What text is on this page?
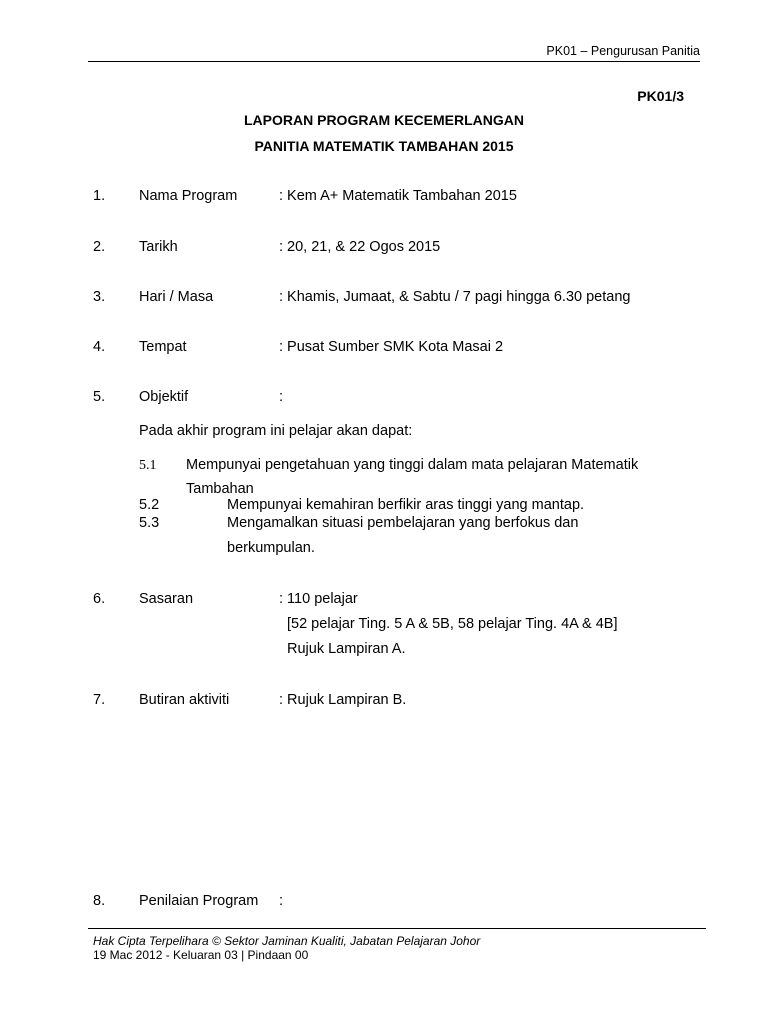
PK01 – Pengurusan Panitia
PK01/3
LAPORAN PROGRAM KECEMERLANGAN
PANITIA MATEMATIK TAMBAHAN 2015
1. Nama Program	: Kem A+ Matematik Tambahan 2015
2. Tarikh	: 20, 21, & 22 Ogos 2015
3. Hari / Masa	: Khamis, Jumaat, & Sabtu / 7 pagi hingga 6.30 petang
4. Tempat	: Pusat Sumber SMK Kota Masai 2
5. Objektif	:
Pada akhir program ini pelajar akan dapat:
5.1 Mempunyai pengetahuan yang tinggi dalam mata pelajaran Matematik
Tambahan
5.2	Mempunyai kemahiran berfikir aras tinggi yang mantap.
5.3	Mengamalkan situasi pembelajaran yang berfokus dan
berkumpulan.
6. Sasaran	: 110 pelajar
[52 pelajar Ting. 5 A & 5B, 58 pelajar Ting. 4A & 4B]
Rujuk Lampiran A.
7. Butiran aktiviti	: Rujuk Lampiran B.
8. Penilaian Program :
Hak Cipta Terpelihara © Sektor Jaminan Kualiti, Jabatan Pelajaran Johor
19 Mac 2012 - Keluaran 03 | Pindaan 00
